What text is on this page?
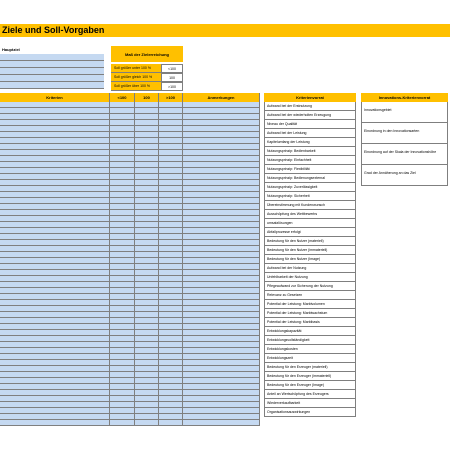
Ziele und Soll-Vorgaben
Hauptziel
Maß der Zielerreichung
Soll größer unter 100 %	<100
Soll größer gleich 100 %	100
Soll größer über 100 %	>100
Kriterien	<100	100	>100	Anmerkungen	Kriterienvorrat
Aufwand bei der Erstnutzung
Aufwand bei der wiederholten Erzeugung
Niveau der Qualität
Aufwand bei der Leistung
Kapitelumfang der Leistung
Nutzungsprinzip: Bedienbarkeit
Nutzungsprinzip: Einfachheit
Nutzungsprinzip: Flexibilität
Nutzungsprinzip: Bedienungsexternal
Nutzungsprinzip: Zuverlässigkeit
Nutzungsprinzip: Sicherheit
Übereinstimmung mit Kundenwunsch
Ausschöpfung des Wettbewerbs
umsatzlösungen
Abfallprozesse erfolgt
Bedeutung für den Nutzer (materiell)
Bedeutung für den Nutzer (immateriell)
Bedeutung für den Nutzer (Image)
Aufwand bei der Nutzung
Unfehlbarkeit der Nutzung
Pflegeaufwand zur Sicherung der Nutzung
Relevanz zu Gesetzen
Potential der Leistung: Marktvolumen
Potential der Leistung: Marktwachstum
Potential der Leistung: Marktbasis
Entwicklungskapazität
Entwicklungsvollständigkeit
Entwicklungskosten
Entwicklungszeit
Bedeutung für den Erzeuger (materiell)
Bedeutung für den Erzeuger (immateriell)
Bedeutung für den Erzeuger (Image)
Anteil an Wertschöpfung des Erzeugers
Wiederverkaufbarkeit
Organisationsauswirkungen
Innovations-Kriterienvorrat
Innovationsgebiet
Einordnung in den Innovationsarten
Einordnung auf der Skala der Innovationshöhe
Grad der Annäherung an das Ziel
